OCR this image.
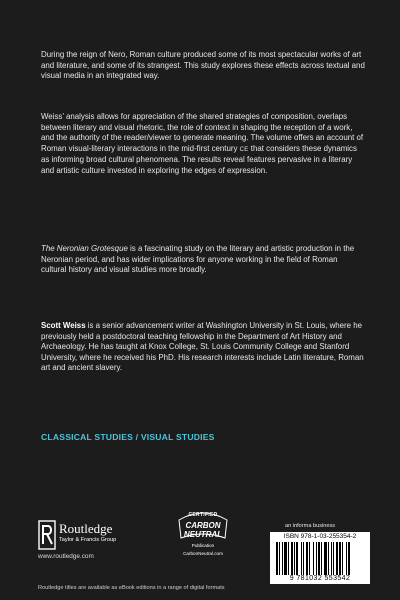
During the reign of Nero, Roman culture produced some of its most spectacular works of art and literature, and some of its strangest. This study explores these effects across textual and visual media in an integrated way.

Weiss’ analysis allows for appreciation of the shared strategies of composition, overlaps between literary and visual rhetoric, the role of context in shaping the reception of a work, and the authority of the reader/viewer to generate meaning. The volume offers an account of Roman visual-literary interactions in the mid-first century CE that considers these dynamics as informing broad cultural phenomena. The results reveal features pervasive in a literary and artistic culture invested in exploring the edges of expression.

The Neronian Grotesque is a fascinating study on the literary and artistic production in the Neronian period, and has wider implications for anyone working in the field of Roman cultural history and visual studies more broadly.

Scott Weiss is a senior advancement writer at Washington University in St. Louis, where he previously held a postdoctoral teaching fellowship in the Department of Art History and Archaeology. He has taught at Knox College, St. Louis Community College and Stanford University, where he received his PhD. His research interests include Latin literature, Roman art and ancient slavery.

CLASSICAL STUDIES / VISUAL STUDIES

Routledge
Taylor & Francis Group

www.routledge.com

CERTIFIED
CARBON
NEUTRAL
Publication
CarbonNeutral.com

an informa business

ISBN 978-1-03-255354-2
9 781032 553542

Routledge titles are available as eBook editions in a range of digital formats
